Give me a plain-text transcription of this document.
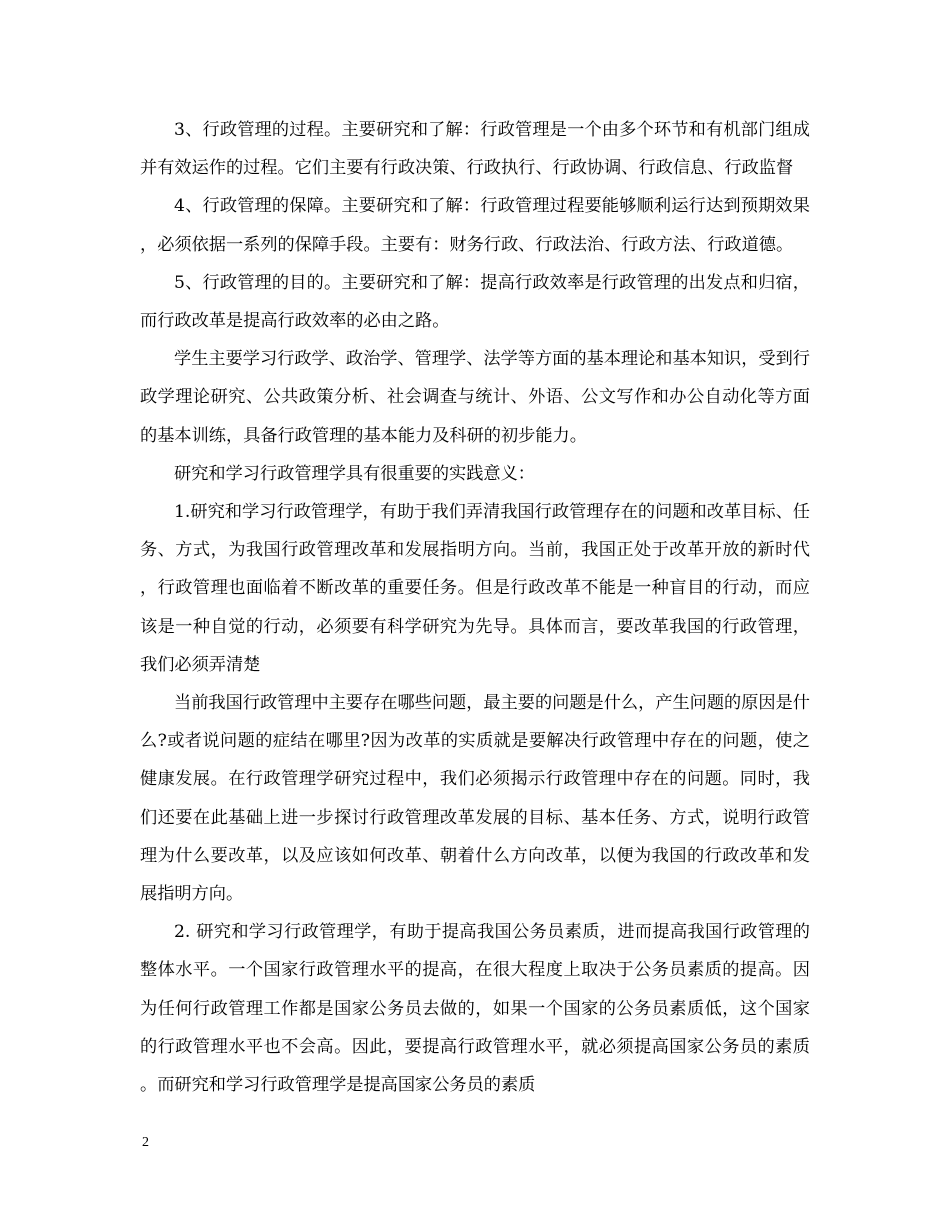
3、行政管理的过程。主要研究和了解：行政管理是一个由多个环节和有机部门组成并有效运作的过程。它们主要有行政决策、行政执行、行政协调、行政信息、行政监督

4、行政管理的保障。主要研究和了解：行政管理过程要能够顺利运行达到预期效果，必须依据一系列的保障手段。主要有：财务行政、行政法治、行政方法、行政道德。

5、行政管理的目的。主要研究和了解：提高行政效率是行政管理的出发点和归宿，而行政改革是提高行政效率的必由之路。

学生主要学习行政学、政治学、管理学、法学等方面的基本理论和基本知识，受到行政学理论研究、公共政策分析、社会调查与统计、外语、公文写作和办公自动化等方面的基本训练，具备行政管理的基本能力及科研的初步能力。

研究和学习行政管理学具有很重要的实践意义：

1.研究和学习行政管理学，有助于我们弄清我国行政管理存在的问题和改革目标、任务、方式，为我国行政管理改革和发展指明方向。当前，我国正处于改革开放的新时代，行政管理也面临着不断改革的重要任务。但是行政改革不能是一种盲目的行动，而应该是一种自觉的行动，必须要有科学研究为先导。具体而言，要改革我国的行政管理，我们必须弄清楚

当前我国行政管理中主要存在哪些问题，最主要的问题是什么，产生问题的原因是什么?或者说问题的症结在哪里?因为改革的实质就是要解决行政管理中存在的问题，使之健康发展。在行政管理学研究过程中，我们必须揭示行政管理中存在的问题。同时，我们还要在此基础上进一步探讨行政管理改革发展的目标、基本任务、方式，说明行政管理为什么要改革，以及应该如何改革、朝着什么方向改革，以便为我国的行政改革和发展指明方向。

2. 研究和学习行政管理学，有助于提高我国公务员素质，进而提高我国行政管理的整体水平。一个国家行政管理水平的提高，在很大程度上取决于公务员素质的提高。因为任何行政管理工作都是国家公务员去做的，如果一个国家的公务员素质低，这个国家的行政管理水平也不会高。因此，要提高行政管理水平，就必须提高国家公务员的素质。而研究和学习行政管理学是提高国家公务员的素质

2
